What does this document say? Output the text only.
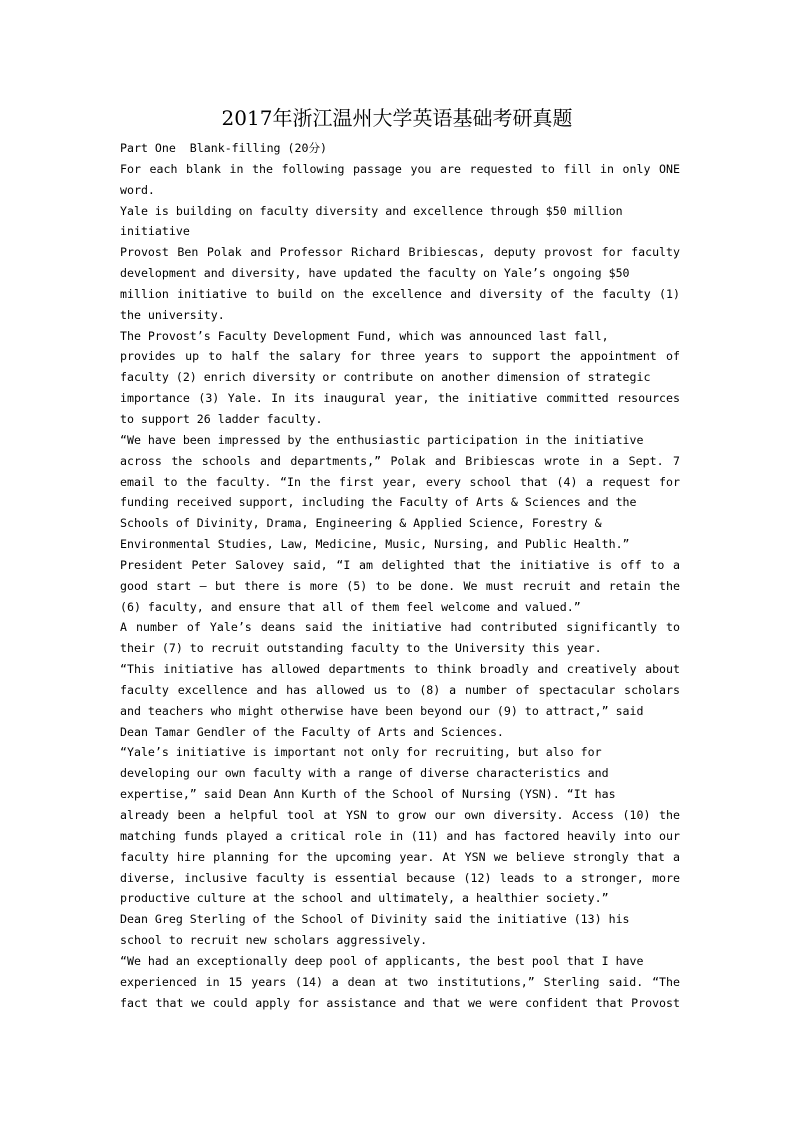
2017年浙江温州大学英语基础考研真题
Part One  Blank-filling (20分)
For each blank in the following passage you are requested to fill in only ONE
word.
Yale is building on faculty diversity and excellence through $50 million
initiative
Provost Ben Polak and Professor Richard Bribiescas, deputy provost for faculty
development and diversity, have updated the faculty on Yale’s ongoing $50
million initiative to build on the excellence and diversity of the faculty (1)
the university.
The Provost’s Faculty Development Fund, which was announced last fall,
provides up to half the salary for three years to support the appointment of
faculty (2) enrich diversity or contribute on another dimension of strategic
importance (3) Yale. In its inaugural year, the initiative committed resources
to support 26 ladder faculty.
“We have been impressed by the enthusiastic participation in the initiative
across the schools and departments,” Polak and Bribiescas wrote in a Sept. 7
email to the faculty. “In the first year, every school that (4) a request for
funding received support, including the Faculty of Arts & Sciences and the
Schools of Divinity, Drama, Engineering & Applied Science, Forestry &
Environmental Studies, Law, Medicine, Music, Nursing, and Public Health.”
President Peter Salovey said, “I am delighted that the initiative is off to a
good start — but there is more (5) to be done. We must recruit and retain the
(6) faculty, and ensure that all of them feel welcome and valued.”
A number of Yale’s deans said the initiative had contributed significantly to
their (7) to recruit outstanding faculty to the University this year.
“This initiative has allowed departments to think broadly and creatively about
faculty excellence and has allowed us to (8) a number of spectacular scholars
and teachers who might otherwise have been beyond our (9) to attract,” said
Dean Tamar Gendler of the Faculty of Arts and Sciences.
“Yale’s initiative is important not only for recruiting, but also for
developing our own faculty with a range of diverse characteristics and
expertise,” said Dean Ann Kurth of the School of Nursing (YSN). “It has
already been a helpful tool at YSN to grow our own diversity. Access (10) the
matching funds played a critical role in (11) and has factored heavily into our
faculty hire planning for the upcoming year. At YSN we believe strongly that a
diverse, inclusive faculty is essential because (12) leads to a stronger, more
productive culture at the school and ultimately, a healthier society.”
Dean Greg Sterling of the School of Divinity said the initiative (13) his
school to recruit new scholars aggressively.
“We had an exceptionally deep pool of applicants, the best pool that I have
experienced in 15 years (14) a dean at two institutions,” Sterling said. “The
fact that we could apply for assistance and that we were confident that Provost
